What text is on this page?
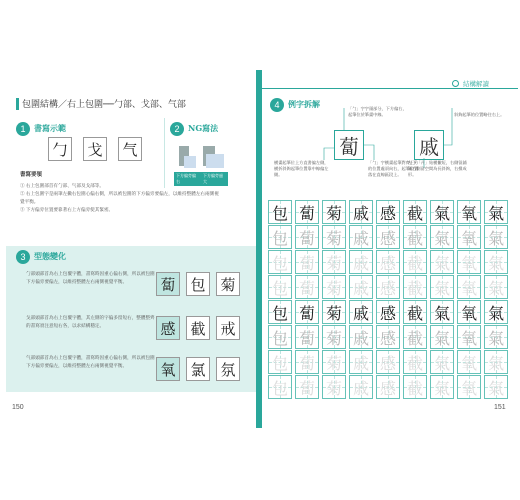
包圍結構／右上包圍──勹部、戈部、气部
1	書寫示範
勹	戈	气
2	NG寫法
下方偏旁偏右
下方偏旁過大
書寫要領
① 右上包圍部首有勹部、气部及戈部等。
② 右上包圍字是兩筆左撇右包圍心偏右側，所以被包圍的下方偏旁要偏左，以維持整體左右兩側視覺平衡。
③ 下方偏旁位置要靠著右上方偏旁使其緊密。
3	型態變化
勹部頭部首為右上包覆字體，書寫時因重心偏右側，所以被包圍下方偏旁要偏左，以維持整體左右兩側視覺平衡。	蔔 包 菊
戈部頭部首為右上包覆字體，其左側的字偏多留短右，整體整齊的書寫須注意短右各，以求結構穩定。	感 截 戒
气部頭部首為右上包覆字體，書寫時因重心偏右側，所以被包圍下方偏旁要偏左，以維持整體左右兩側視覺平衡。	氧 氯 氛
150
結構解讀
4	例字拆解
蔔	戚
「勹」字字頭部分，下方偏右，起筆位於筆畫中線。
「勹」字橫畫起筆對齊上方的位置處須向右，起筆位置落在直線區段上。
橫畫起筆位上方直書偏左側，橫折斜鉤起筆位置靠中線偏左側。
斜鉤起筆的位置略往右上。
左下「廾」始橫撇短，右側留鋪滿右側留空間為長斜鉤，右撐成形。
包 蔔 菊 戚 感 截 氣 氧 氣
包 蔔 菊 戚 感 截 氣 氧 氣
包 蔔 菊 戚 感 截 氣 氧 氣
包 蔔 菊 戚 感 截 氣 氧 氣
包 蔔 菊 戚 感 截 氣 氧 氣
包 蔔 菊 戚 感 截 氣 氧 氣
包 蔔 菊 戚 感 截 氣 氧 氣
包 蔔 菊 戚 感 截 氣 氧 氣
151
